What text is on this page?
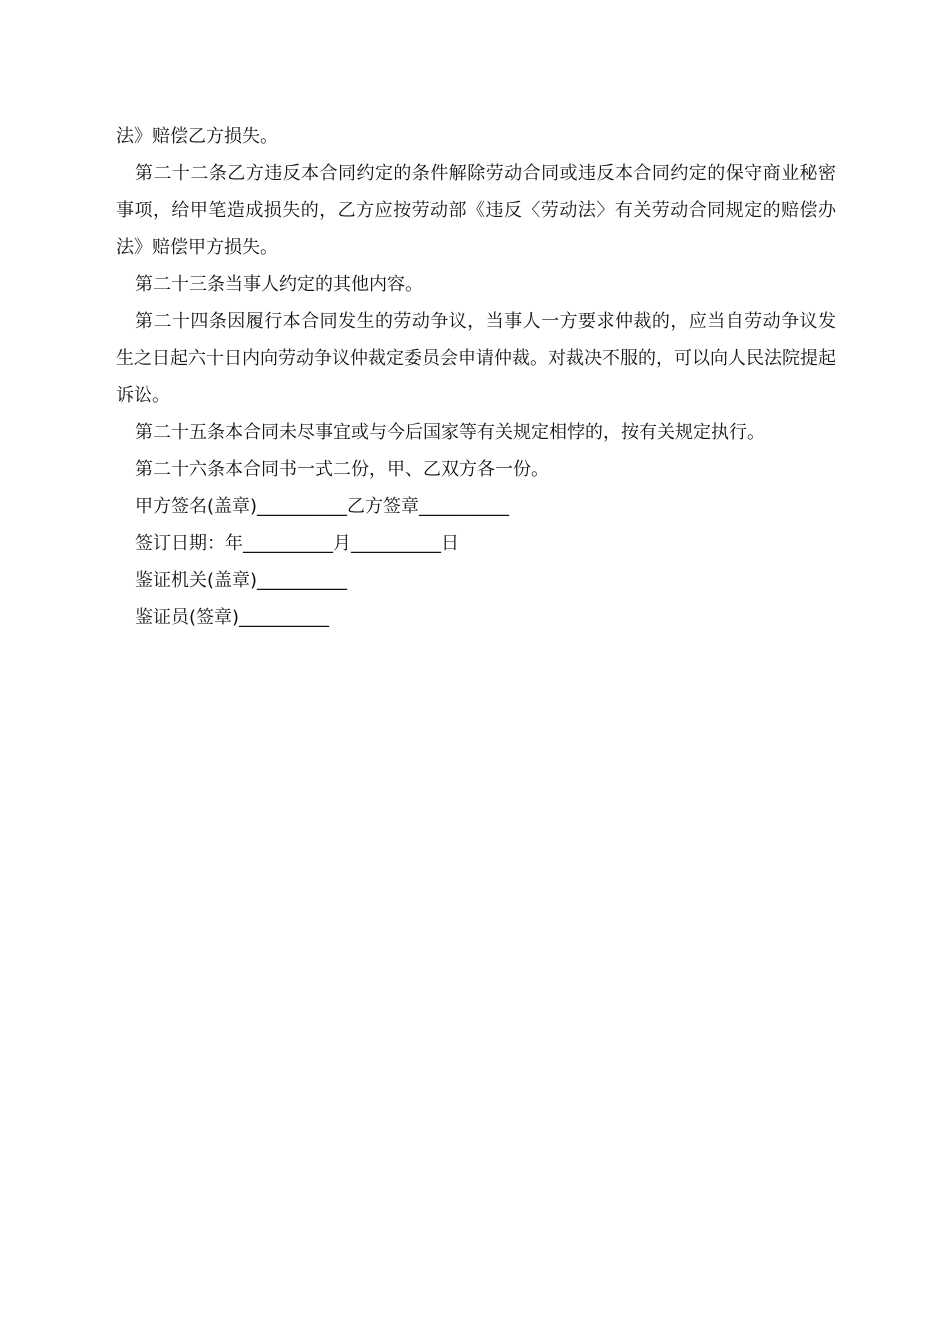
法》赔偿乙方损失。

第二十二条乙方违反本合同约定的条件解除劳动合同或违反本合同约定的保守商业秘密事项，给甲笔造成损失的，乙方应按劳动部《违反〈劳动法〉有关劳动合同规定的赔偿办法》赔偿甲方损失。

第二十三条当事人约定的其他内容。

第二十四条因履行本合同发生的劳动争议，当事人一方要求仲裁的，应当自劳动争议发生之日起六十日内向劳动争议仲裁定委员会申请仲裁。对裁决不服的，可以向人民法院提起诉讼。

第二十五条本合同未尽事宜或与今后国家等有关规定相悖的，按有关规定执行。

第二十六条本合同书一式二份，甲、乙双方各一份。

甲方签名(盖章)__________乙方签章__________

签订日期：年__________月__________日

鉴证机关(盖章)__________

鉴证员(签章)__________
